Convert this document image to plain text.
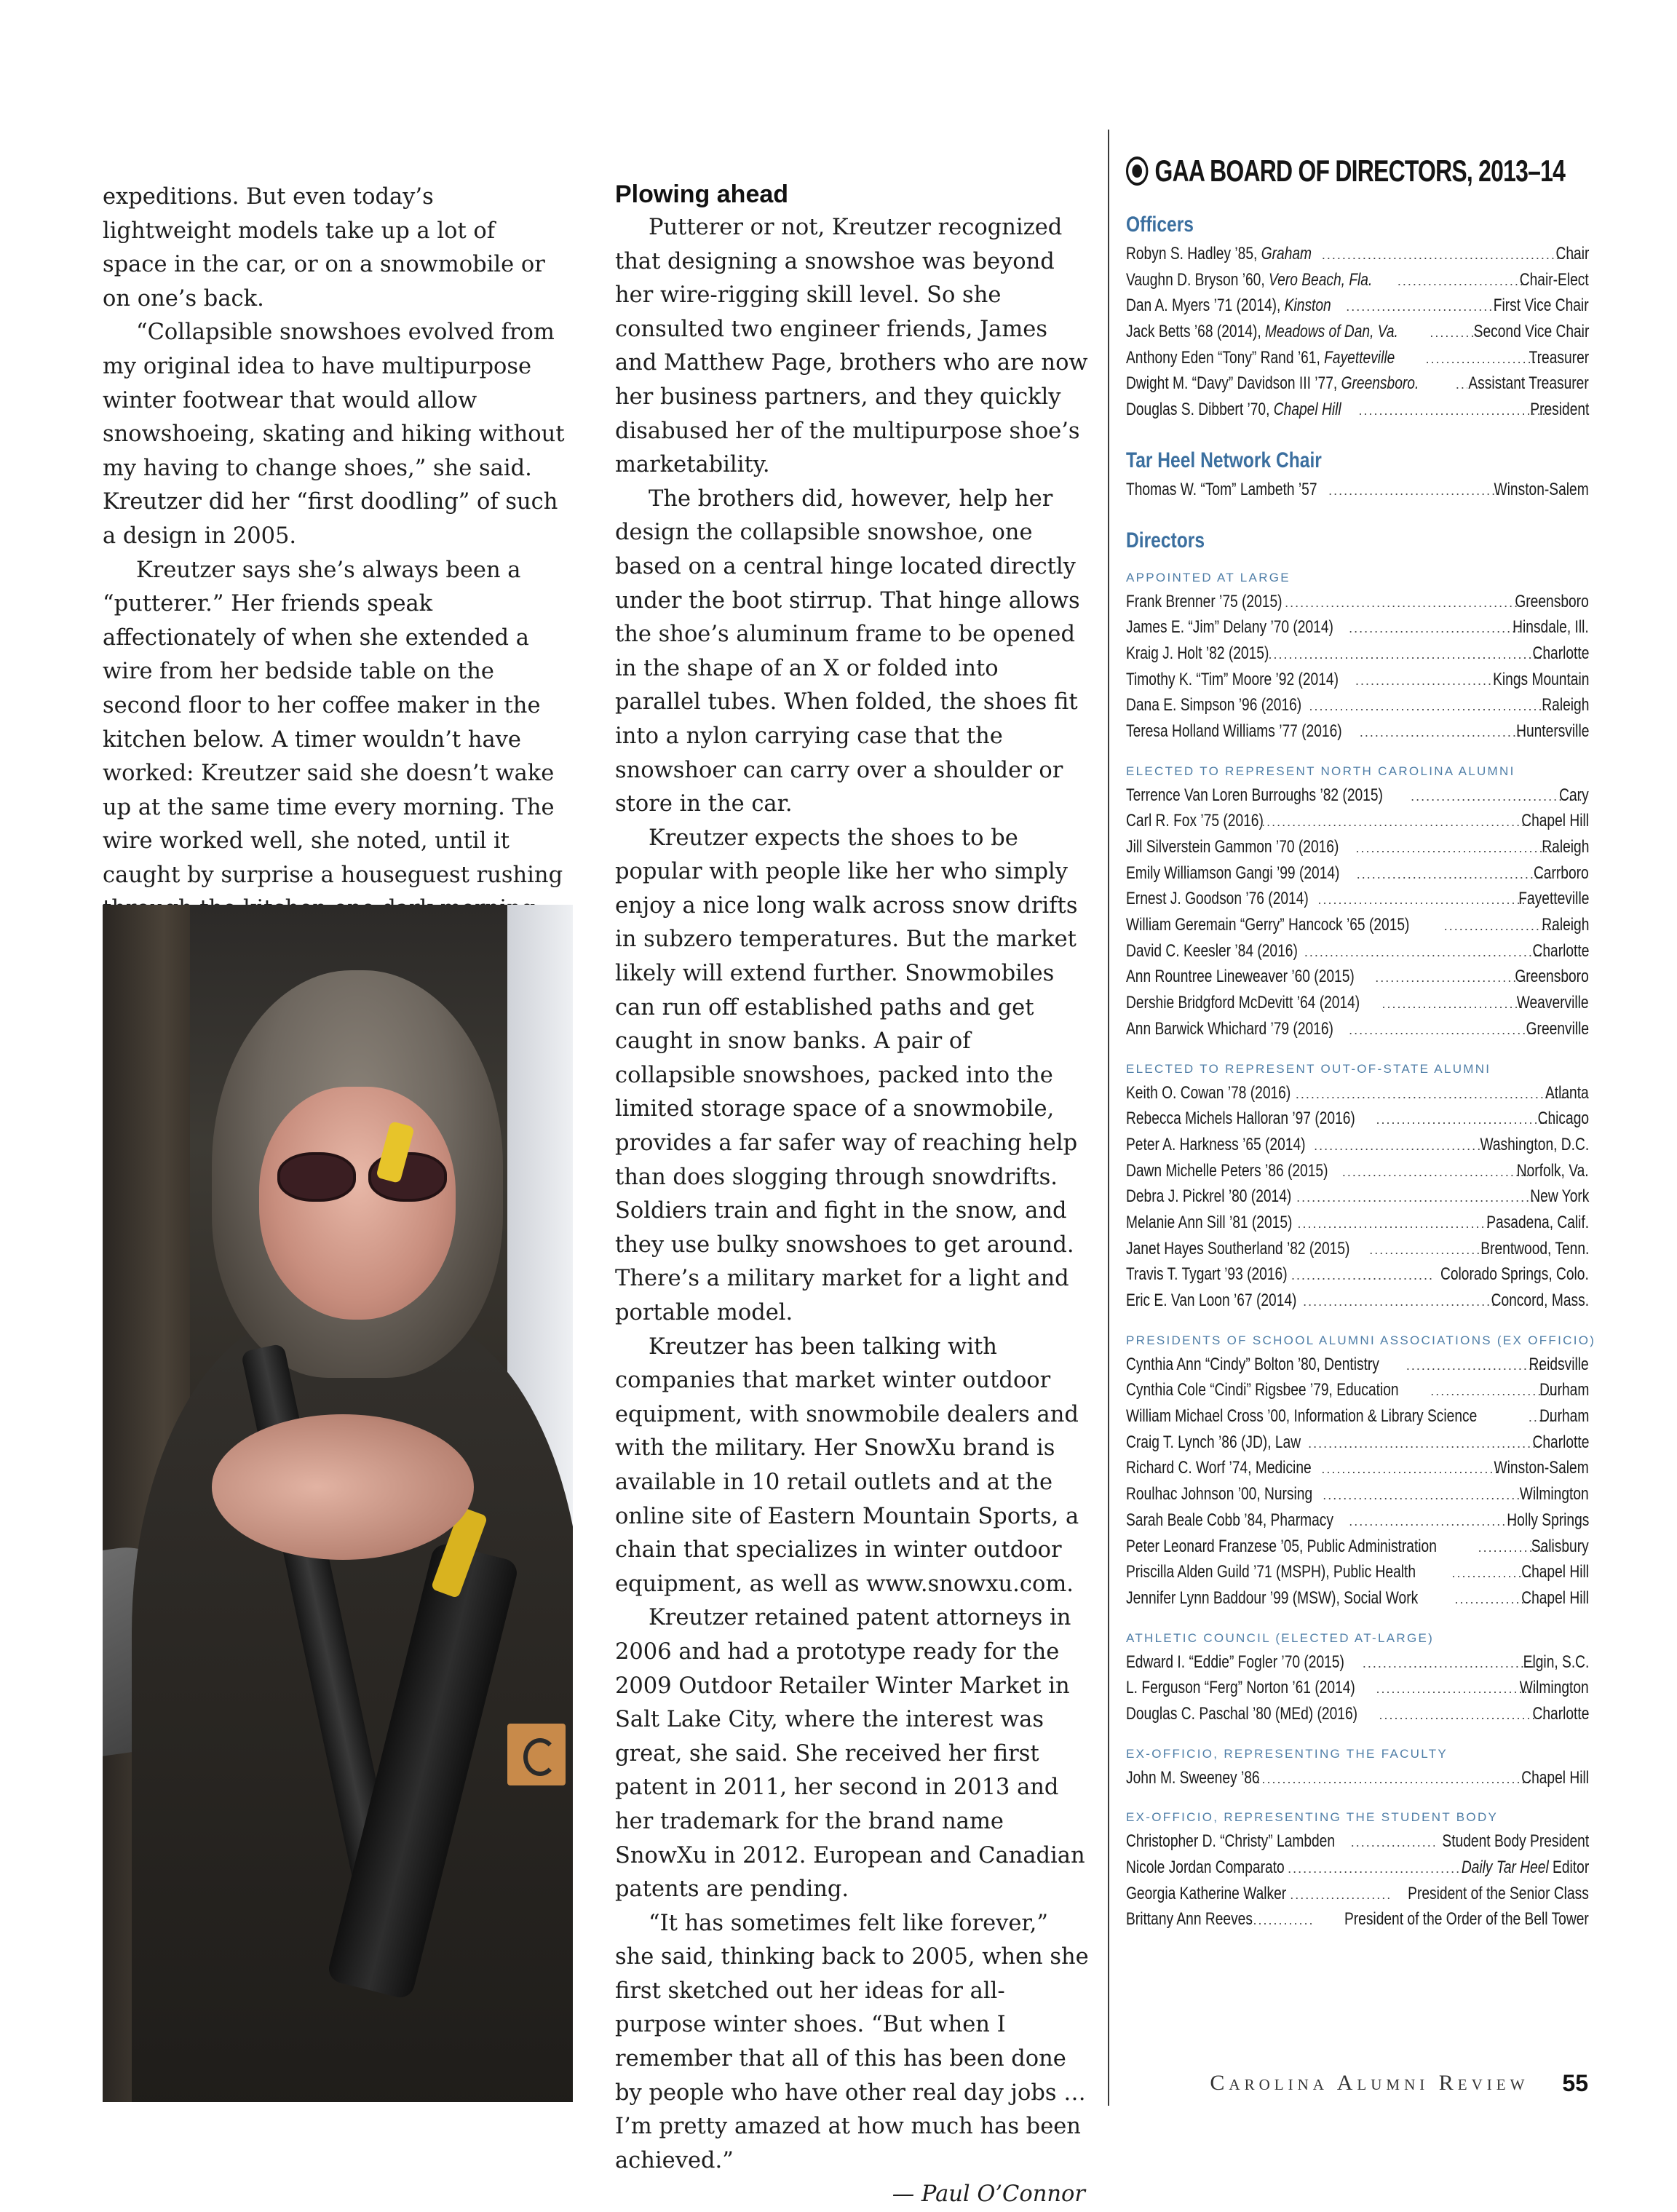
expeditions. But even today’s lightweight models take up a lot of space in the car, or on a snowmobile or on one’s back.

“Collapsible snowshoes evolved from my original idea to have multipurpose winter footwear that would allow snowshoeing, skating and hiking without my having to change shoes,” she said. Kreutzer did her “first doodling” of such a design in 2005.

Kreutzer says she’s always been a “putterer.” Her friends speak affectionately of when she extended a wire from her bedside table on the second floor to her coffee maker in the kitchen below. A timer wouldn’t have worked: Kreutzer said she doesn’t wake up at the same time every morning. The wire worked well, she noted, until it caught by surprise a houseguest rushing

Plowing ahead

Putterer or not, Kreutzer recognized that designing a snowshoe was beyond her wire-rigging skill level. So she consulted two engineer friends, James and Matthew Page, brothers who are now her business partners, and they quickly disabused her of the multipurpose shoe’s marketability.

The brothers did, however, help her design the collapsible snowshoe, one based on a central hinge located directly under the boot stirrup. That hinge allows the shoe’s aluminum frame to be opened in the shape of an X or folded into parallel tubes. When folded, the shoes fit into a nylon carrying case that the snowshoer can carry over a shoulder or store in the car.

Kreutzer expects the shoes to be popular with people like her who simply enjoy a nice long walk across snow drifts in subzero temperatures. But the market likely will extend further. Snowmobiles can run off established paths and get caught in snow banks. A pair of collapsible snowshoes, packed into the limited storage space of a snowmobile, provides a far safer way of reaching help than does slogging through snowdrifts. Soldiers train and fight in the snow, and they use bulky snowshoes to get around. There’s a military market for a light and portable model.

Kreutzer has been talking with companies that market winter outdoor equipment, with snowmobile dealers and with the military. Her SnowXu brand is available in 10 retail outlets and at the online site of Eastern Mountain Sports, a chain that specializes in winter outdoor equipment, as well as www.snowxu.com.

Kreutzer retained patent attorneys in 2006 and had a prototype ready for the 2009 Outdoor Retailer Winter Market in Salt Lake City, where the interest was great, she said. She received her first patent in 2011, her second in 2013 and her trademark for the brand name SnowXu in 2012. European and Canadian patents are pending.

“It has sometimes felt like forever,” she said, thinking back to 2005, when she first sketched out her ideas for all-purpose winter shoes. “But when I remember that all of this has been done by people who have other real day jobs … I’m pretty amazed at how much has been achieved.”

— Paul O’Connor

GAA BOARD OF DIRECTORS, 2013–14
Officers
Robyn S. Hadley ’85, Graham .....	Chair
Vaughn D. Bryson ’60, Vero Beach, Fla. .....	Chair-Elect
Dan A. Myers ’71 (2014), Kinston .....	First Vice Chair
Jack Betts ’68 (2014), Meadows of Dan, Va. .....	Second Vice Chair
Anthony Eden “Tony” Rand ’61, Fayetteville .....	Treasurer
Dwight M. “Davy” Davidson III ’77, Greensboro. .....	Assistant Treasurer
Douglas S. Dibbert ’70, Chapel Hill .....	President
Tar Heel Network Chair
Thomas W. “Tom” Lambeth ’57 .....	Winston-Salem
Directors
APPOINTED AT LARGE
Frank Brenner ’75 (2015) .....	Greensboro
James E. “Jim” Delany ’70 (2014) .....	Hinsdale, Ill.
Kraig J. Holt ’82 (2015) .....	Charlotte
Timothy K. “Tim” Moore ’92 (2014) .....	Kings Mountain
Dana E. Simpson ’96 (2016) .....	Raleigh
Teresa Holland Williams ’77 (2016) .....	Huntersville
ELECTED TO REPRESENT NORTH CAROLINA ALUMNI
Terrence Van Loren Burroughs ’82 (2015) .....	Cary
Carl R. Fox ’75 (2016) .....	Chapel Hill
Jill Silverstein Gammon ’70 (2016) .....	Raleigh
Emily Williamson Gangi ’99 (2014) .....	Carrboro
Ernest J. Goodson ’76 (2014) .....	Fayetteville
William Geremain “Gerry” Hancock ’65 (2015) .....	Raleigh
David C. Keesler ’84 (2016) .....	Charlotte
Ann Rountree Lineweaver ’60 (2015) .....	Greensboro
Dershie Bridgford McDevitt ’64 (2014) .....	Weaverville
Ann Barwick Whichard ’79 (2016) .....	Greenville
ELECTED TO REPRESENT OUT-OF-STATE ALUMNI
Keith O. Cowan ’78 (2016) .....	Atlanta
Rebecca Michels Halloran ’97 (2016) .....	Chicago
Peter A. Harkness ’65 (2014) .....	Washington, D.C.
Dawn Michelle Peters ’86 (2015) .....	Norfolk, Va.
Debra J. Pickrel ’80 (2014) .....	New York
Melanie Ann Sill ’81 (2015) .....	Pasadena, Calif.
Janet Hayes Southerland ’82 (2015) .....	Brentwood, Tenn.
Travis T. Tygart ’93 (2016) .....	Colorado Springs, Colo.
Eric E. Van Loon ’67 (2014) .....	Concord, Mass.
PRESIDENTS OF SCHOOL ALUMNI ASSOCIATIONS (EX OFFICIO)
Cynthia Ann “Cindy” Bolton ’80, Dentistry .....	Reidsville
Cynthia Cole “Cindi” Rigsbee ’79, Education .....	Durham
William Michael Cross ’00, Information & Library Science .....	Durham
Craig T. Lynch ’86 (JD), Law .....	Charlotte
Richard C. Worf ’74, Medicine .....	Winston-Salem
Roulhac Johnson ’00, Nursing .....	Wilmington
Sarah Beale Cobb ’84, Pharmacy .....	Holly Springs
Peter Leonard Franzese ’05, Public Administration .....	Salisbury
Priscilla Alden Guild ’71 (MSPH), Public Health .....	Chapel Hill
Jennifer Lynn Baddour ’99 (MSW), Social Work .....	Chapel Hill
ATHLETIC COUNCIL (ELECTED AT-LARGE)
Edward I. “Eddie” Fogler ’70 (2015) .....	Elgin, S.C.
L. Ferguson “Ferg” Norton ’61 (2014) .....	Wilmington
Douglas C. Paschal ’80 (MEd) (2016) .....	Charlotte
EX-OFFICIO, REPRESENTING THE FACULTY
John M. Sweeney ’86 .....	Chapel Hill
EX-OFFICIO, REPRESENTING THE STUDENT BODY
Christopher D. “Christy” Lambden .....	Student Body President
Nicole Jordan Comparato .....	Daily Tar Heel Editor
Georgia Katherine Walker .....	President of the Senior Class
Brittany Ann Reeves .....	President of the Order of the Bell Tower
Carolina Alumni Review 55
